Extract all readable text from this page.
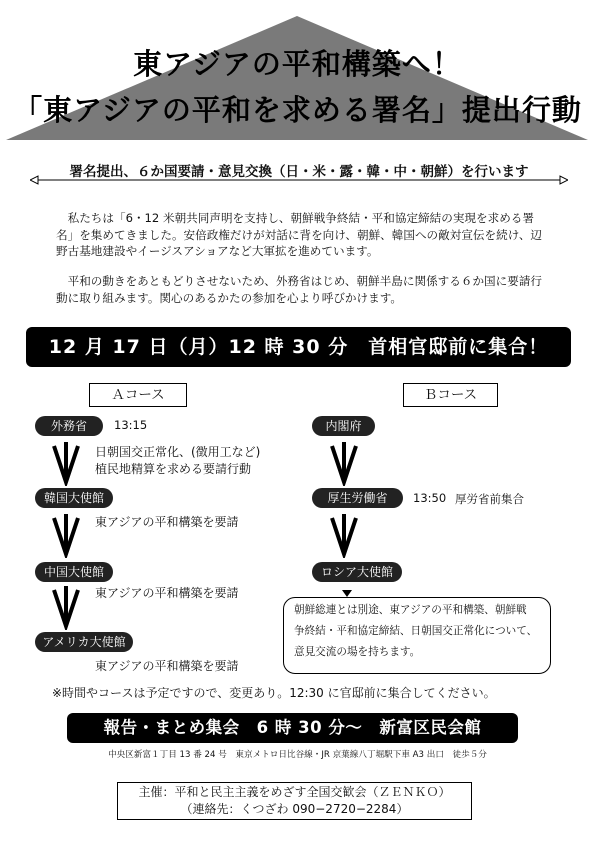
東アジアの平和構築へ！
「東アジアの平和を求める署名」提出行動
署名提出、６か国要請・意見交換（日・米・露・韓・中・朝鮮）を行います
私たちは「6・12 米朝共同声明を支持し、朝鮮戦争終結・平和協定締結の実現を求める署名」を集めてきました。安倍政権だけが対話に背を向け、朝鮮、韓国への敵対宣伝を続け、辺野古基地建設やイージスアショアなど大軍拡を進めています。
平和の動きをあともどりさせないため、外務省はじめ、朝鮮半島に関係する６か国に要請行動に取り組みます。関心のあるかたの参加を心より呼びかけます。
12 月 17 日（月）12 時 30 分　首相官邸前に集合！
Ａコース	Ｂコース
外務省	13:15
日朝国交正常化、(徴用工など)
植民地精算を求める要請行動
韓国大使館
東アジアの平和構築を要請
中国大使館
東アジアの平和構築を要請
アメリカ大使館
東アジアの平和構築を要請
内閣府
厚生労働省	13:50 厚労省前集合
ロシア大使館
朝鮮総連とは別途、東アジアの平和構築、朝鮮戦
争終結・平和協定締結、日朝国交正常化について、
意見交流の場を持ちます。
※時間やコースは予定ですので、変更あり。12:30 に官邸前に集合してください。
報告・まとめ集会　6 時 30 分〜　新富区民会館
中央区新富１丁目 13 番 24 号　東京メトロ日比谷線・JR 京葉線八丁堀駅下車 A3 出口　徒歩５分
主催：平和と民主主義をめざす全国交歓会（ＺＥＮＫＯ）
（連絡先：くつざわ 090−2720−2284）
